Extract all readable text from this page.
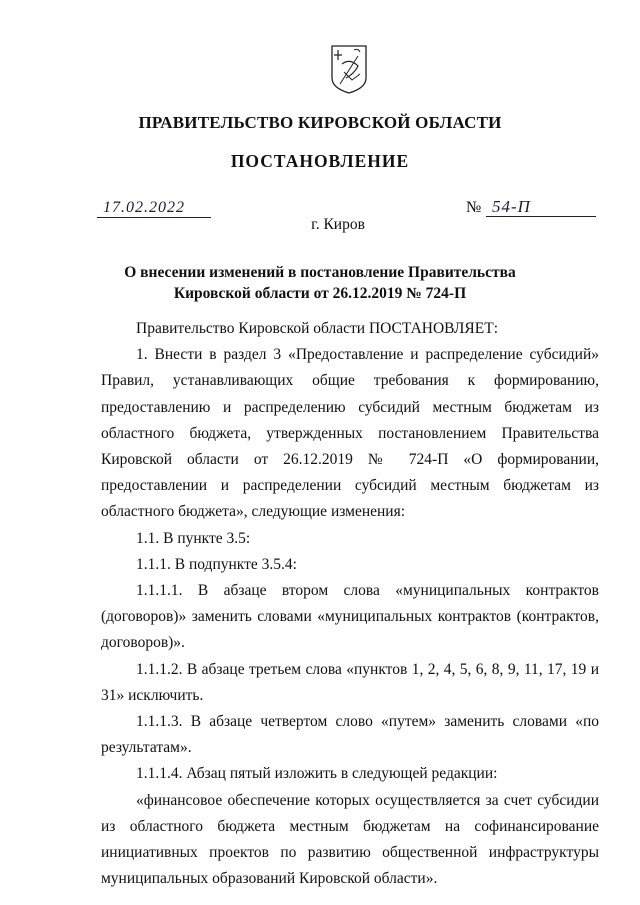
ПРАВИТЕЛЬСТВО КИРОВСКОЙ ОБЛАСТИ
ПОСТАНОВЛЕНИЕ
17.02.2022	№ 54-П
г. Киров
О внесении изменений в постановление Правительства
Кировской области от 26.12.2019 № 724-П

Правительство Кировской области ПОСТАНОВЛЯЕТ:

1. Внести в раздел 3 «Предоставление и распределение субсидий» Правил, устанавливающих общие требования к формированию, предоставлению и распределению субсидий местным бюджетам из областного бюджета, утвержденных постановлением Правительства Кировской области от 26.12.2019 № 724-П «О формировании, предоставлении и распределении субсидий местным бюджетам из областного бюджета», следующие изменения:

1.1. В пункте 3.5:

1.1.1. В подпункте 3.5.4:

1.1.1.1. В абзаце втором слова «муниципальных контрактов (договоров)» заменить словами «муниципальных контрактов (контрактов, договоров)».

1.1.1.2. В абзаце третьем слова «пунктов 1, 2, 4, 5, 6, 8, 9, 11, 17, 19 и 31» исключить.

1.1.1.3. В абзаце четвертом слово «путем» заменить словами «по результатам».

1.1.1.4. Абзац пятый изложить в следующей редакции:

«финансовое обеспечение которых осуществляется за счет субсидии из областного бюджета местным бюджетам на софинансирование инициативных проектов по развитию общественной инфраструктуры муниципальных образований Кировской области».
